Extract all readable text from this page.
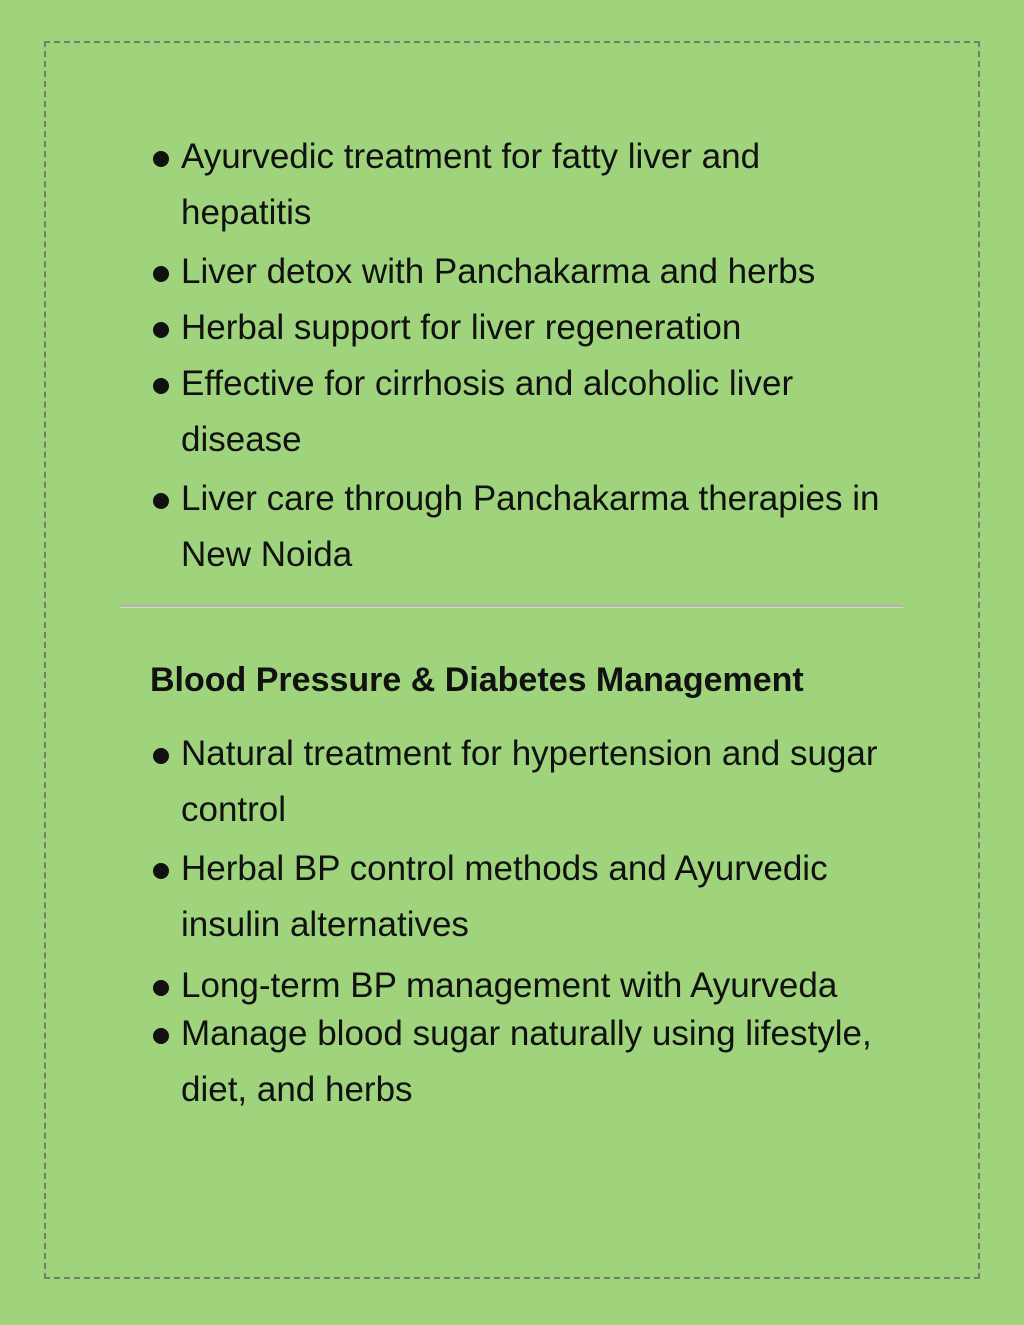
Ayurvedic treatment for fatty liver and hepatitis
Liver detox with Panchakarma and herbs
Herbal support for liver regeneration
Effective for cirrhosis and alcoholic liver disease
Liver care through Panchakarma therapies in New Noida
Blood Pressure & Diabetes Management
Natural treatment for hypertension and sugar control
Herbal BP control methods and Ayurvedic insulin alternatives
Long-term BP management with Ayurveda
Manage blood sugar naturally using lifestyle, diet, and herbs
